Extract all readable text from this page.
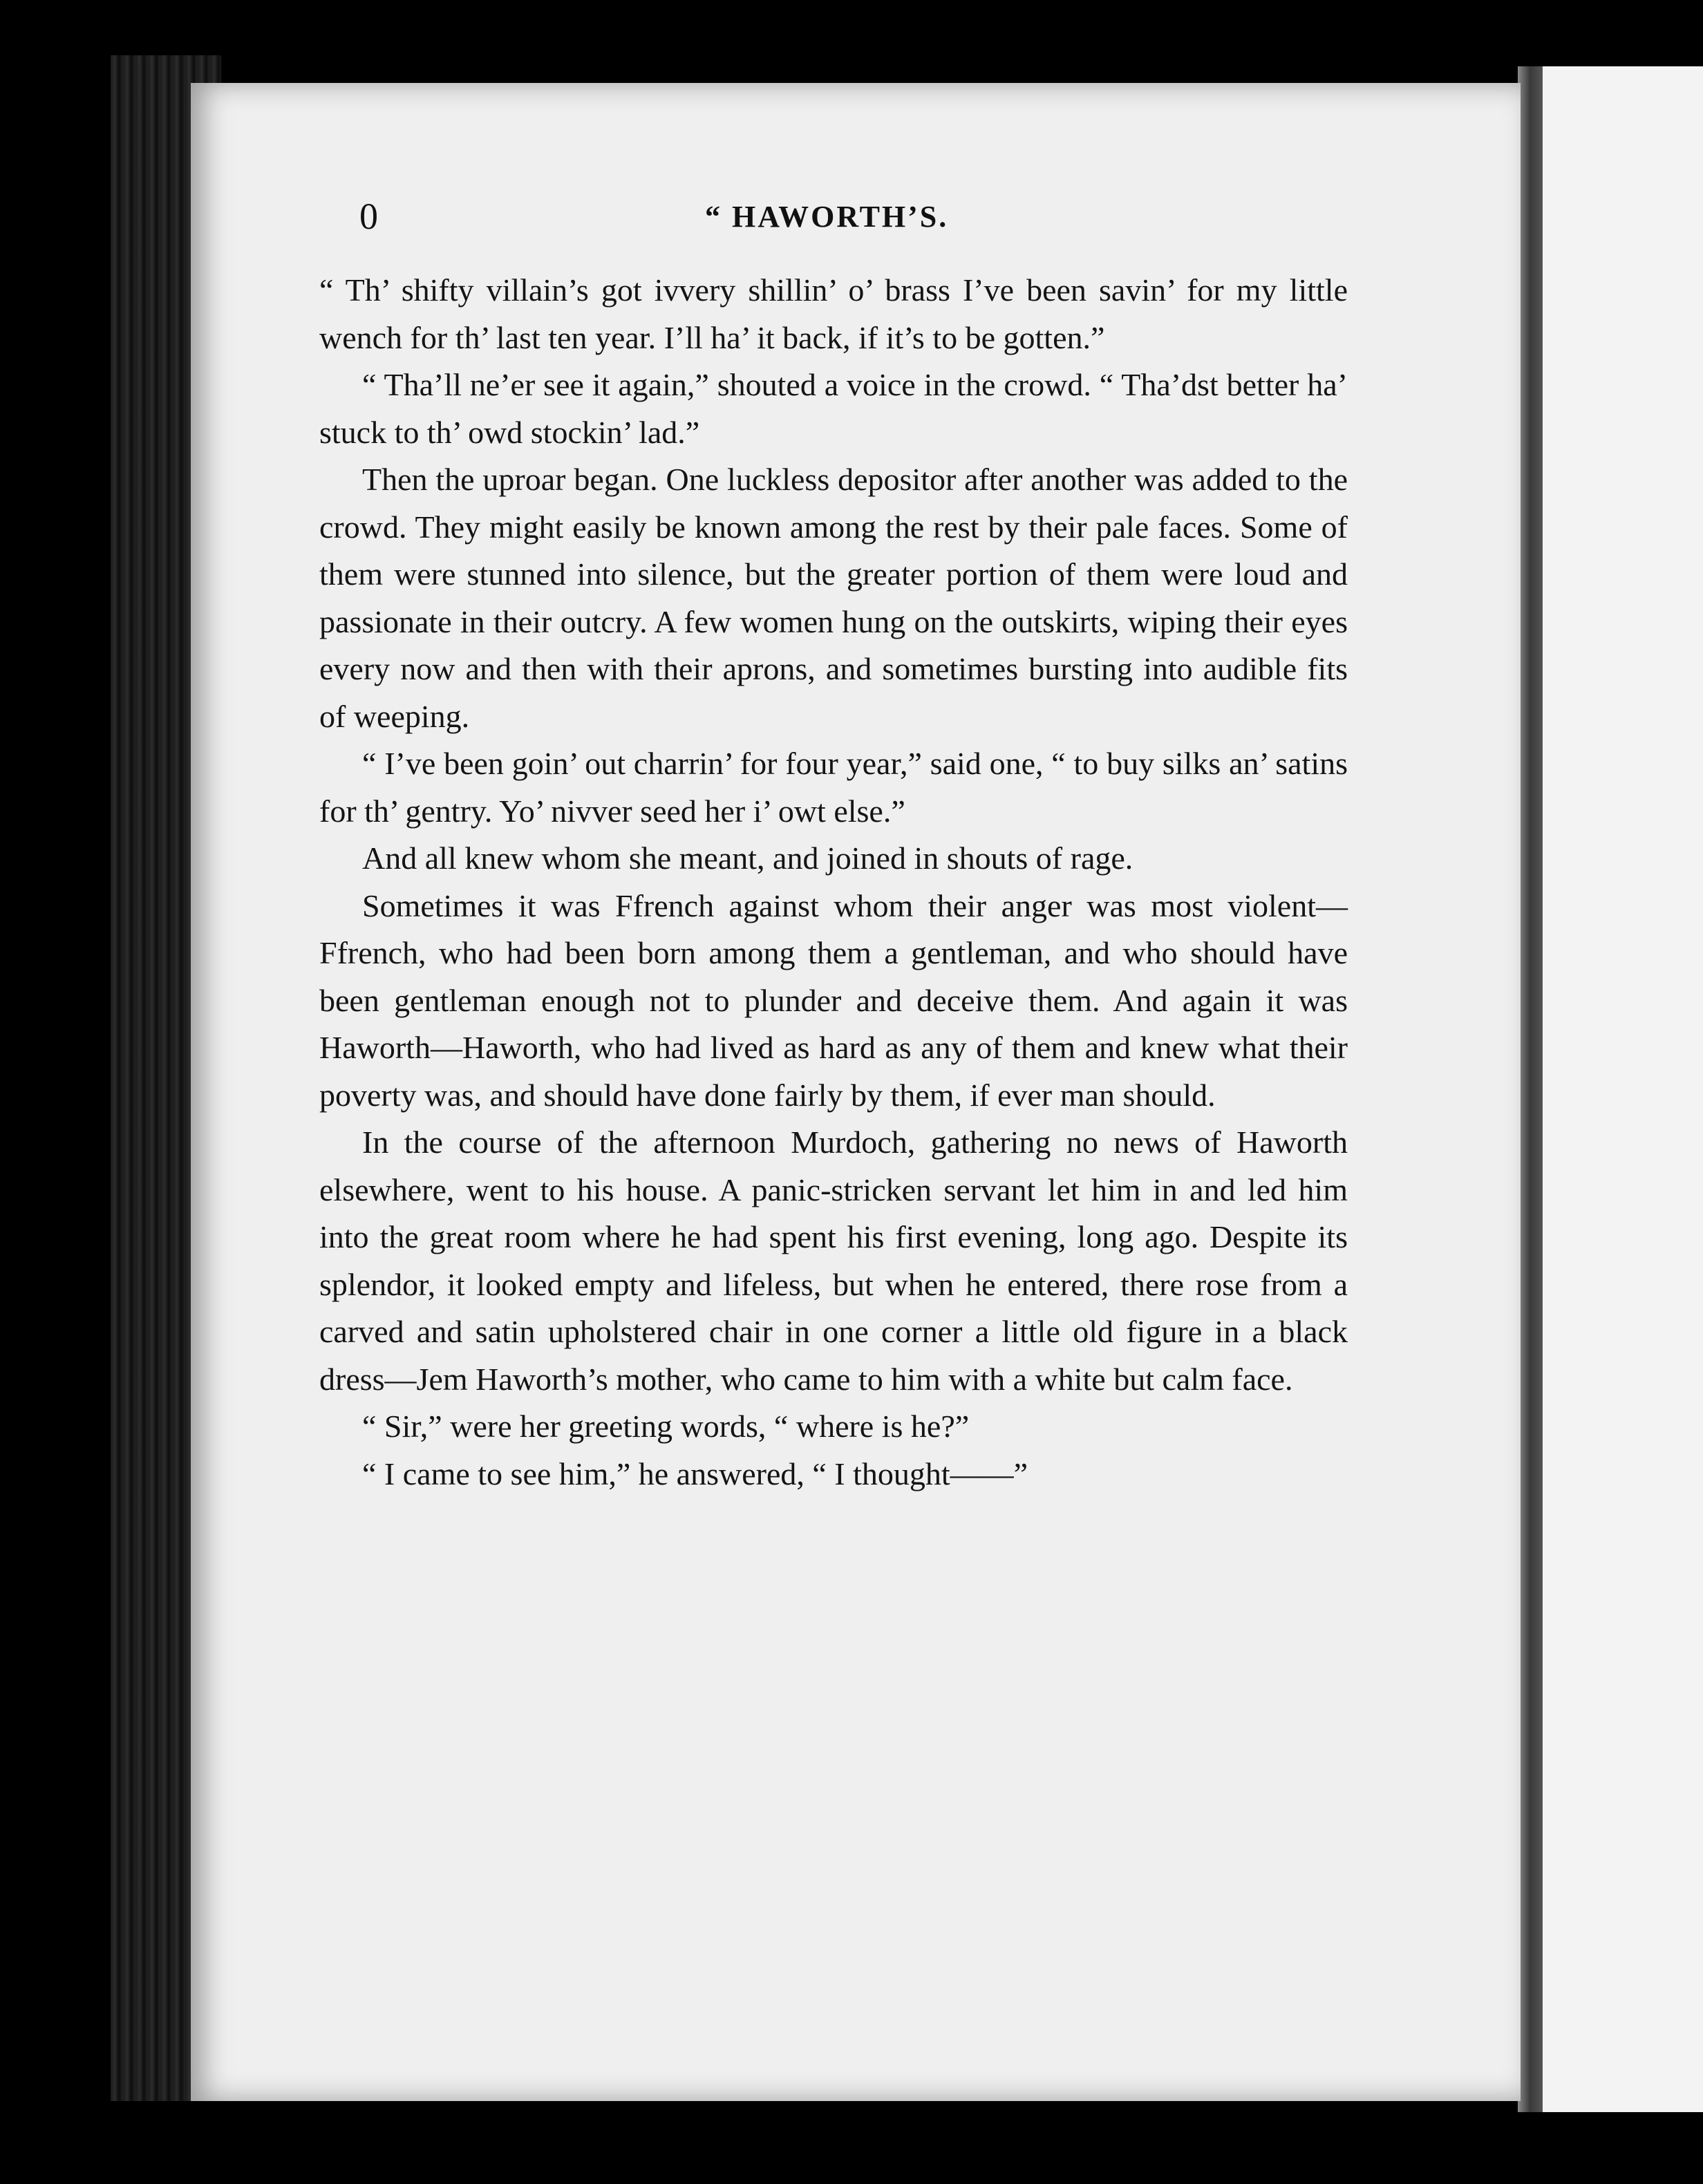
0	“ HAWORTH’S.

“ Th’ shifty villain’s got ivvery shillin’ o’ brass I’ve been savin’ for my little wench for th’ last ten year. I’ll ha’ it back, if it’s to be gotten.”

“ Tha’ll ne’er see it again,” shouted a voice in the crowd. “ Tha’dst better ha’ stuck to th’ owd stockin’ lad.”

Then the uproar began. One luckless depositor after another was added to the crowd. They might easily be known among the rest by their pale faces. Some of them were stunned into silence, but the greater portion of them were loud and passionate in their outcry. A few women hung on the outskirts, wiping their eyes every now and then with their aprons, and sometimes bursting into audible fits of weeping.

“ I’ve been goin’ out charrin’ for four year,” said one, “ to buy silks an’ satins for th’ gentry. Yo’ nivver seed her i’ owt else.”

And all knew whom she meant, and joined in shouts of rage.

Sometimes it was Ffrench against whom their anger was most violent—Ffrench, who had been born among them a gentleman, and who should have been gentleman enough not to plunder and deceive them. And again it was Haworth—Haworth, who had lived as hard as any of them and knew what their poverty was, and should have done fairly by them, if ever man should.

In the course of the afternoon Murdoch, gathering no news of Haworth elsewhere, went to his house. A panic-stricken servant let him in and led him into the great room where he had spent his first evening, long ago. Despite its splendor, it looked empty and lifeless, but when he entered, there rose from a carved and satin upholstered chair in one corner a little old figure in a black dress—Jem Haworth’s mother, who came to him with a white but calm face.

“ Sir,” were her greeting words, “ where is he?”

“ I came to see him,” he answered, “ I thought——”
